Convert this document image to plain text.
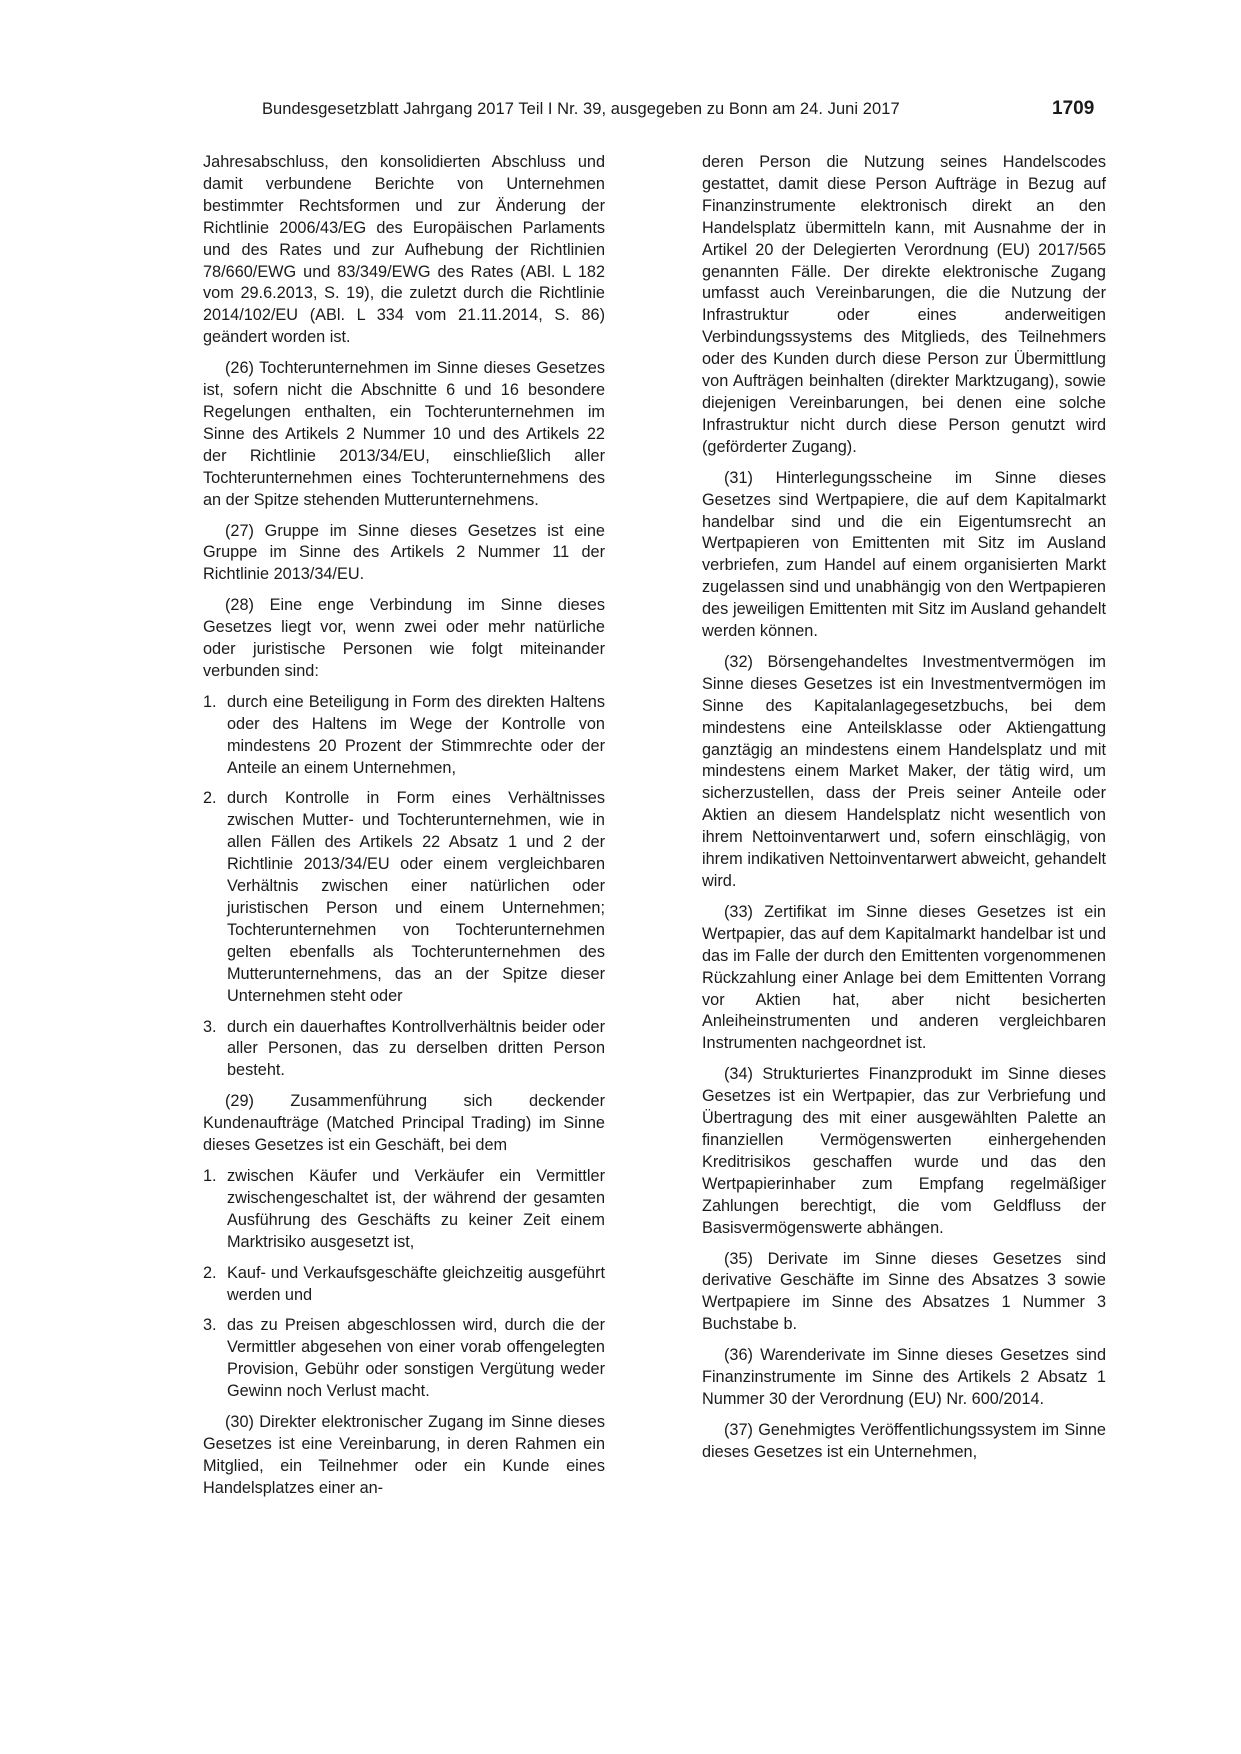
Bundesgesetzblatt Jahrgang 2017 Teil I Nr. 39, ausgegeben zu Bonn am 24. Juni 2017	1709

Jahresabschluss, den konsolidierten Abschluss und damit verbundene Berichte von Unternehmen bestimmter Rechtsformen und zur Änderung der Richtlinie 2006/43/EG des Europäischen Parlaments und des Rates und zur Aufhebung der Richtlinien 78/660/EWG und 83/349/EWG des Rates (ABl. L 182 vom 29.6.2013, S. 19), die zuletzt durch die Richtlinie 2014/102/EU (ABl. L 334 vom 21.11.2014, S. 86) geändert worden ist.

(26) Tochterunternehmen im Sinne dieses Gesetzes ist, sofern nicht die Abschnitte 6 und 16 besondere Regelungen enthalten, ein Tochterunternehmen im Sinne des Artikels 2 Nummer 10 und des Artikels 22 der Richtlinie 2013/34/EU, einschließlich aller Tochterunternehmen eines Tochterunternehmens des an der Spitze stehenden Mutterunternehmens.

(27) Gruppe im Sinne dieses Gesetzes ist eine Gruppe im Sinne des Artikels 2 Nummer 11 der Richtlinie 2013/34/EU.

(28) Eine enge Verbindung im Sinne dieses Gesetzes liegt vor, wenn zwei oder mehr natürliche oder juristische Personen wie folgt miteinander verbunden sind:

1. durch eine Beteiligung in Form des direkten Haltens oder des Haltens im Wege der Kontrolle von mindestens 20 Prozent der Stimmrechte oder der Anteile an einem Unternehmen,
2. durch Kontrolle in Form eines Verhältnisses zwischen Mutter- und Tochterunternehmen, wie in allen Fällen des Artikels 22 Absatz 1 und 2 der Richtlinie 2013/34/EU oder einem vergleichbaren Verhältnis zwischen einer natürlichen oder juristischen Person und einem Unternehmen; Tochterunternehmen von Tochterunternehmen gelten ebenfalls als Tochterunternehmen des Mutterunternehmens, das an der Spitze dieser Unternehmen steht oder
3. durch ein dauerhaftes Kontrollverhältnis beider oder aller Personen, das zu derselben dritten Person besteht.

(29) Zusammenführung sich deckender Kundenaufträge (Matched Principal Trading) im Sinne dieses Gesetzes ist ein Geschäft, bei dem

1. zwischen Käufer und Verkäufer ein Vermittler zwischengeschaltet ist, der während der gesamten Ausführung des Geschäfts zu keiner Zeit einem Marktrisiko ausgesetzt ist,
2. Kauf- und Verkaufsgeschäfte gleichzeitig ausgeführt werden und
3. das zu Preisen abgeschlossen wird, durch die der Vermittler abgesehen von einer vorab offengelegten Provision, Gebühr oder sonstigen Vergütung weder Gewinn noch Verlust macht.

(30) Direkter elektronischer Zugang im Sinne dieses Gesetzes ist eine Vereinbarung, in deren Rahmen ein Mitglied, ein Teilnehmer oder ein Kunde eines Handelsplatzes einer an-

deren Person die Nutzung seines Handelscodes gestattet, damit diese Person Aufträge in Bezug auf Finanzinstrumente elektronisch direkt an den Handelsplatz übermitteln kann, mit Ausnahme der in Artikel 20 der Delegierten Verordnung (EU) 2017/565 genannten Fälle. Der direkte elektronische Zugang umfasst auch Vereinbarungen, die die Nutzung der Infrastruktur oder eines anderweitigen Verbindungssystems des Mitglieds, des Teilnehmers oder des Kunden durch diese Person zur Übermittlung von Aufträgen beinhalten (direkter Marktzugang), sowie diejenigen Vereinbarungen, bei denen eine solche Infrastruktur nicht durch diese Person genutzt wird (geförderter Zugang).

(31) Hinterlegungsscheine im Sinne dieses Gesetzes sind Wertpapiere, die auf dem Kapitalmarkt handelbar sind und die ein Eigentumsrecht an Wertpapieren von Emittenten mit Sitz im Ausland verbriefen, zum Handel auf einem organisierten Markt zugelassen sind und unabhängig von den Wertpapieren des jeweiligen Emittenten mit Sitz im Ausland gehandelt werden können.

(32) Börsengehandeltes Investmentvermögen im Sinne dieses Gesetzes ist ein Investmentvermögen im Sinne des Kapitalanlagegesetzbuchs, bei dem mindestens eine Anteilsklasse oder Aktiengattung ganztägig an mindestens einem Handelsplatz und mit mindestens einem Market Maker, der tätig wird, um sicherzustellen, dass der Preis seiner Anteile oder Aktien an diesem Handelsplatz nicht wesentlich von ihrem Nettoinventarwert und, sofern einschlägig, von ihrem indikativen Nettoinventarwert abweicht, gehandelt wird.

(33) Zertifikat im Sinne dieses Gesetzes ist ein Wertpapier, das auf dem Kapitalmarkt handelbar ist und das im Falle der durch den Emittenten vorgenommenen Rückzahlung einer Anlage bei dem Emittenten Vorrang vor Aktien hat, aber nicht besicherten Anleiheinstrumenten und anderen vergleichbaren Instrumenten nachgeordnet ist.

(34) Strukturiertes Finanzprodukt im Sinne dieses Gesetzes ist ein Wertpapier, das zur Verbriefung und Übertragung des mit einer ausgewählten Palette an finanziellen Vermögenswerten einhergehenden Kreditrisikos geschaffen wurde und das den Wertpapierinhaber zum Empfang regelmäßiger Zahlungen berechtigt, die vom Geldfluss der Basisvermögenswerte abhängen.

(35) Derivate im Sinne dieses Gesetzes sind derivative Geschäfte im Sinne des Absatzes 3 sowie Wertpapiere im Sinne des Absatzes 1 Nummer 3 Buchstabe b.

(36) Warenderivate im Sinne dieses Gesetzes sind Finanzinstrumente im Sinne des Artikels 2 Absatz 1 Nummer 30 der Verordnung (EU) Nr. 600/2014.

(37) Genehmigtes Veröffentlichungssystem im Sinne dieses Gesetzes ist ein Unternehmen,
